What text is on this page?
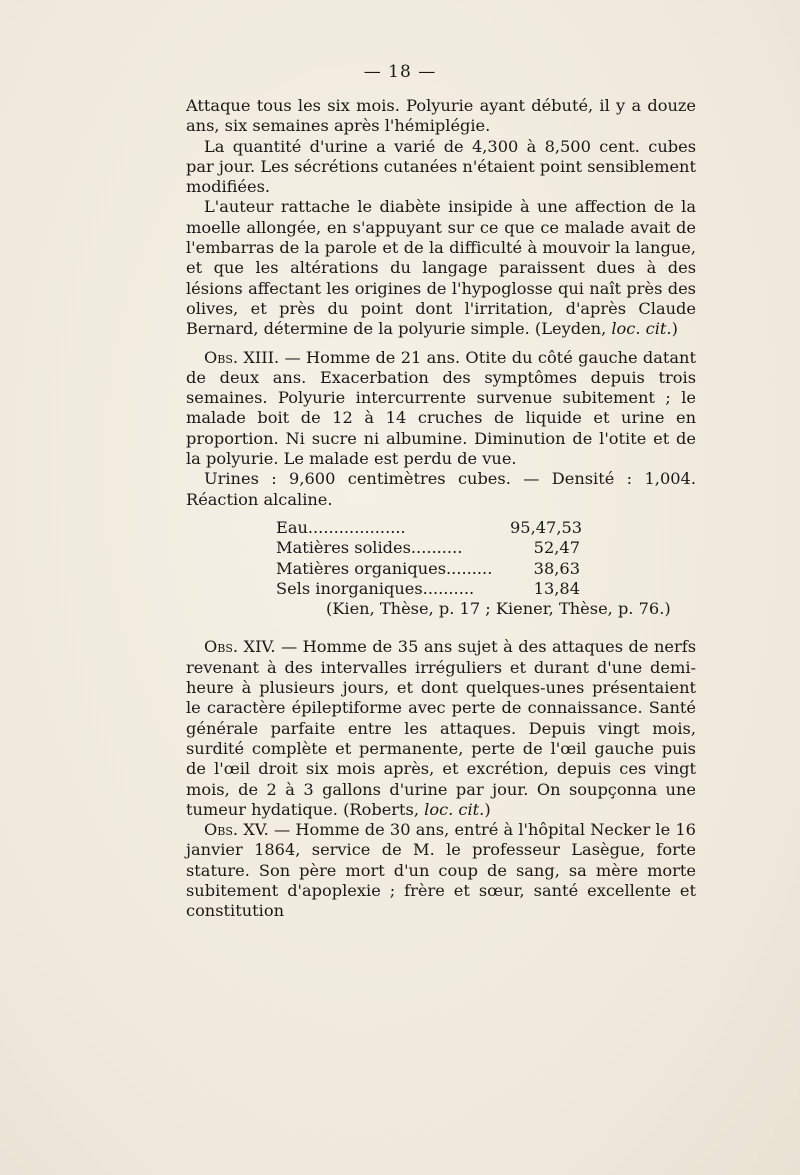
— 18 —

Attaque tous les six mois. Polyurie ayant débuté, il y a douze ans, six semaines après l'hémiplégie.

La quantité d'urine a varié de 4,300 à 8,500 cent. cubes par jour. Les sécrétions cutanées n'étaient point sensiblement modifiées.

L'auteur rattache le diabète insipide à une affection de la moelle allongée, en s'appuyant sur ce que ce malade avait de l'embarras de la parole et de la difficulté à mouvoir la langue, et que les altérations du langage paraissent dues à des lésions affectant les origines de l'hypoglosse qui naît près des olives, et près du point dont l'irritation, d'après Claude Bernard, détermine de la polyurie simple. (Leyden, loc. cit.)

Obs. XIII. — Homme de 21 ans. Otite du côté gauche datant de deux ans. Exacerbation des symptômes depuis trois semaines. Polyurie intercurrente survenue subitement ; le malade boit de 12 à 14 cruches de liquide et urine en proportion. Ni sucre ni albumine. Diminution de l'otite et de la polyurie. Le malade est perdu de vue.

Urines : 9,600 centimètres cubes. — Densité : 1,004. Réaction alcaline.

Eau...................	95,47,53
Matières solides..........	52,47
Matières organiques.........	38,63
Sels inorganiques..........	13,84
(Kien, Thèse, p. 17 ; Kiener, Thèse, p. 76.)

Obs. XIV. — Homme de 35 ans sujet à des attaques de nerfs revenant à des intervalles irréguliers et durant d'une demi-heure à plusieurs jours, et dont quelques-unes présentaient le caractère épileptiforme avec perte de connaissance. Santé générale parfaite entre les attaques. Depuis vingt mois, surdité complète et permanente, perte de l'œil gauche puis de l'œil droit six mois après, et excrétion, depuis ces vingt mois, de 2 à 3 gallons d'urine par jour. On soupçonna une tumeur hydatique. (Roberts, loc. cit.)

Obs. XV. — Homme de 30 ans, entré à l'hôpital Necker le 16 janvier 1864, service de M. le professeur Lasègue, forte stature. Son père mort d'un coup de sang, sa mère morte subitement d'apoplexie ; frère et sœur, santé excellente et constitution
